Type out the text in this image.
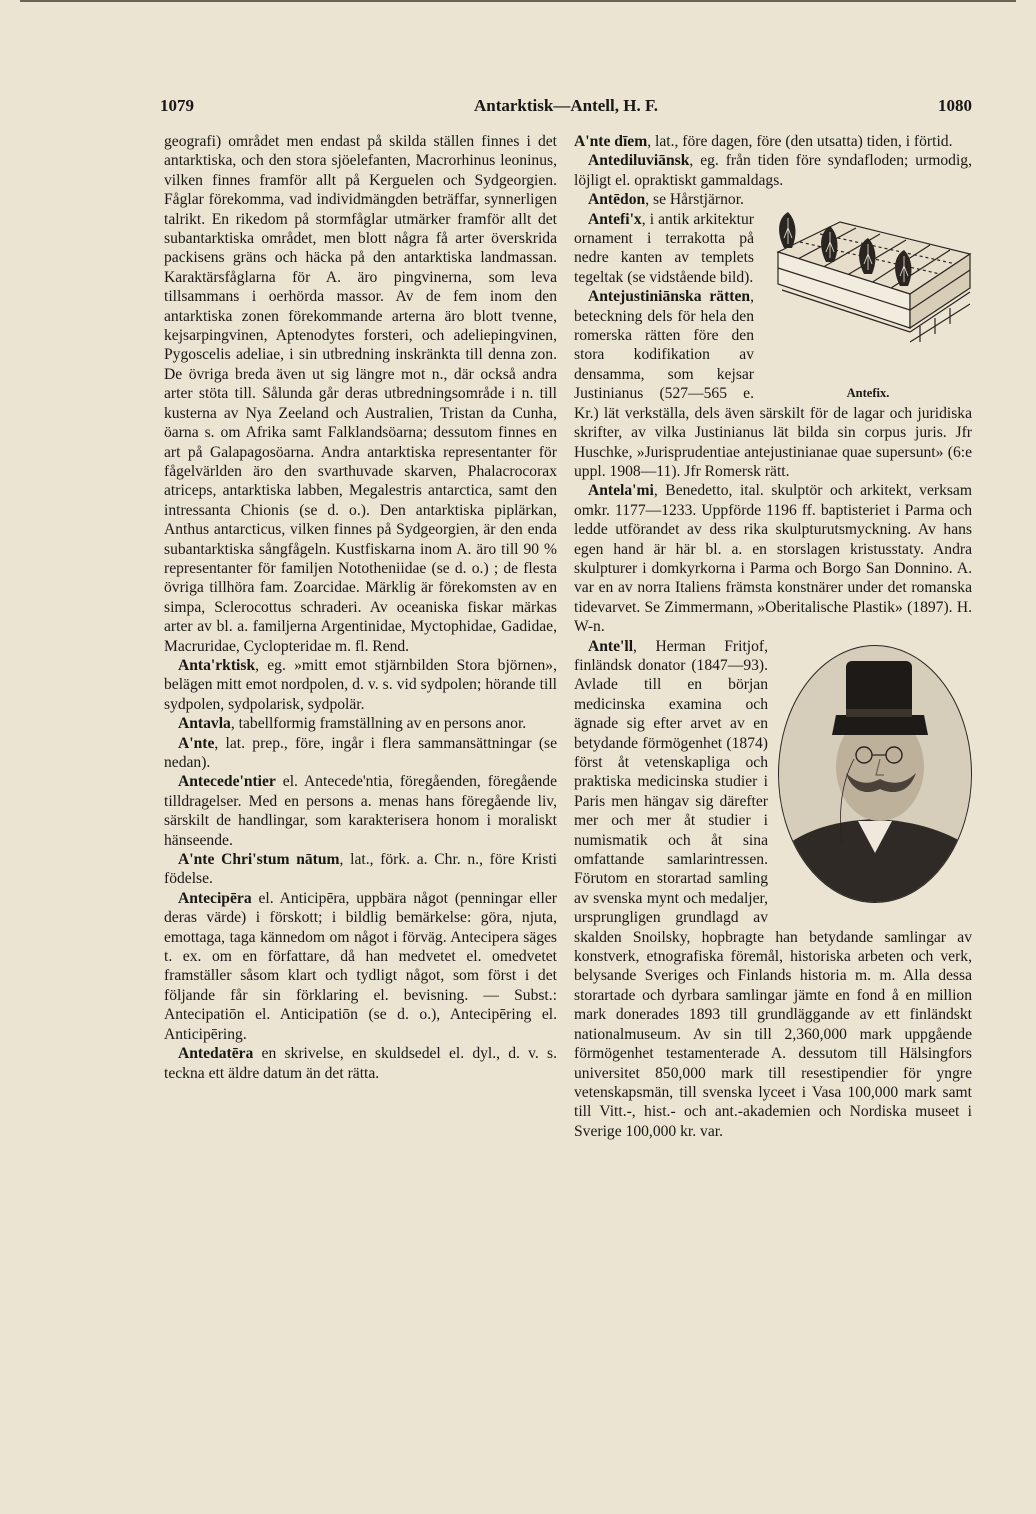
1079	Antarktisk—Antell, H. F.	1080

geografi) området men endast på skilda ställen finnes i det antarktiska, och den stora sjöelefanten, Macrorhinus leoninus, vilken finnes framför allt på Kerguelen och Sydgeorgien. Fåglar förekomma, vad individmängden beträffar, synnerligen talrikt. En rikedom på stormfåglar utmärker framför allt det subantarktiska området, men blott några få arter överskrida packisens gräns och häcka på den antarktiska landmassan. Karaktärsfåglarna för A. äro pingvinerna, som leva tillsammans i oerhörda massor. Av de fem inom den antarktiska zonen förekommande arterna äro blott tvenne, kejsarpingvinen, Aptenodytes forsteri, och adeliepingvinen, Pygoscelis adeliae, i sin utbredning inskränkta till denna zon. De övriga breda även ut sig längre mot n., där också andra arter stöta till. Sålunda går deras utbredningsområde i n. till kusterna av Nya Zeeland och Australien, Tristan da Cunha, öarna s. om Afrika samt Falklandsöarna; dessutom finnes en art på Galapagosöarna. Andra antarktiska representanter för fågelvärlden äro den svarthuvade skarven, Phalacrocorax atriceps, antarktiska labben, Megalestris antarctica, samt den intressanta Chionis (se d. o.). Den antarktiska piplärkan, Anthus antarcticus, vilken finnes på Sydgeorgien, är den enda subantarktiska sångfågeln. Kustfiskarna inom A. äro till 90 % representanter för familjen Nototheniidae (se d. o.) ; de flesta övriga tillhöra fam. Zoarcidae. Märklig är förekomsten av en simpa, Sclerocottus schraderi. Av oceaniska fiskar märkas arter av bl. a. familjerna Argentinidae, Myctophidae, Gadidae, Macruridae, Cyclopteridae m. fl. Rend.

Anta'rktisk, eg. »mitt emot stjärnbilden Stora björnen», belägen mitt emot nordpolen, d. v. s. vid sydpolen; hörande till sydpolen, sydpolarisk, sydpolär.

Antavla, tabellformig framställning av en persons anor.

A'nte, lat. prep., före, ingår i flera sammansättningar (se nedan).

Antecede'ntier el. Antecede'ntia, föregåenden, föregående tilldragelser. Med en persons a. menas hans föregående liv, särskilt de handlingar, som karakterisera honom i moraliskt hänseende.

A'nte Chri'stum nātum, lat., förk. a. Chr. n., före Kristi födelse.

Antecipēra el. Anticipēra, uppbära något (penningar eller deras värde) i förskott; i bildlig bemärkelse: göra, njuta, emottaga, taga kännedom om något i förväg. Antecipera säges t. ex. om en författare, då han medvetet el. omedvetet framställer såsom klart och tydligt något, som först i det följande får sin förklaring el. bevisning. — Subst.: Antecipatiōn el. Anticipatiōn (se d. o.), Antecipēring el. Anticipēring.

Antedatēra en skrivelse, en skuldsedel el. dyl., d. v. s. teckna ett äldre datum än det rätta.

A'nte dīem, lat., före dagen, före (den utsatta) tiden, i förtid.

Antediluviānsk, eg. från tiden före syndafloden; urmodig, löjligt el. opraktiskt gammaldags.

Antēdon, se Hårstjärnor.

Antefix.

Antefi'x, i antik arkitektur ornament i terrakotta på nedre kanten av templets tegeltak (se vidstående bild).

Antejustiniānska rätten, beteckning dels för hela den romerska rätten före den stora kodifikation av densamma, som kejsar Justinianus (527—565 e. Kr.) lät verkställa, dels även särskilt för de lagar och juridiska skrifter, av vilka Justinianus lät bilda sin corpus juris. Jfr Huschke, »Jurisprudentiae antejustinianae quae supersunt» (6:e uppl. 1908—11). Jfr Romersk rätt.

Antela'mi, Benedetto, ital. skulptör och arkitekt, verksam omkr. 1177—1233. Uppförde 1196 ff. baptisteriet i Parma och ledde utförandet av dess rika skulpturutsmyckning. Av hans egen hand är här bl. a. en storslagen kristusstaty. Andra skulpturer i domkyrkorna i Parma och Borgo San Donnino. A. var en av norra Italiens främsta konstnärer under det romanska tidevarvet. Se Zimmermann, »Oberitalische Plastik» (1897). H. W-n.

Ante'll, Herman Fritjof, finländsk donator (1847—93). Avlade till en början medicinska examina och ägnade sig efter arvet av en betydande förmögenhet (1874) först åt vetenskapliga och praktiska medicinska studier i Paris men hängav sig därefter mer och mer åt studier i numismatik och åt sina omfattande samlarintressen. Förutom en storartad samling av svenska mynt och medaljer, ursprungligen grundlagd av skalden Snoilsky, hopbragte han betydande samlingar av konstverk, etnografiska föremål, historiska arbeten och verk, belysande Sveriges och Finlands historia m. m. Alla dessa storartade och dyrbara samlingar jämte en fond å en million mark donerades 1893 till grundläggande av ett finländskt nationalmuseum. Av sin till 2,360,000 mark uppgående förmögenhet testamenterade A. dessutom till Hälsingfors universitet 850,000 mark till resestipendier för yngre vetenskapsmän, till svenska lyceet i Vasa 100,000 mark samt till Vitt.-, hist.- och ant.-akademien och Nordiska museet i Sverige 100,000 kr. var.
